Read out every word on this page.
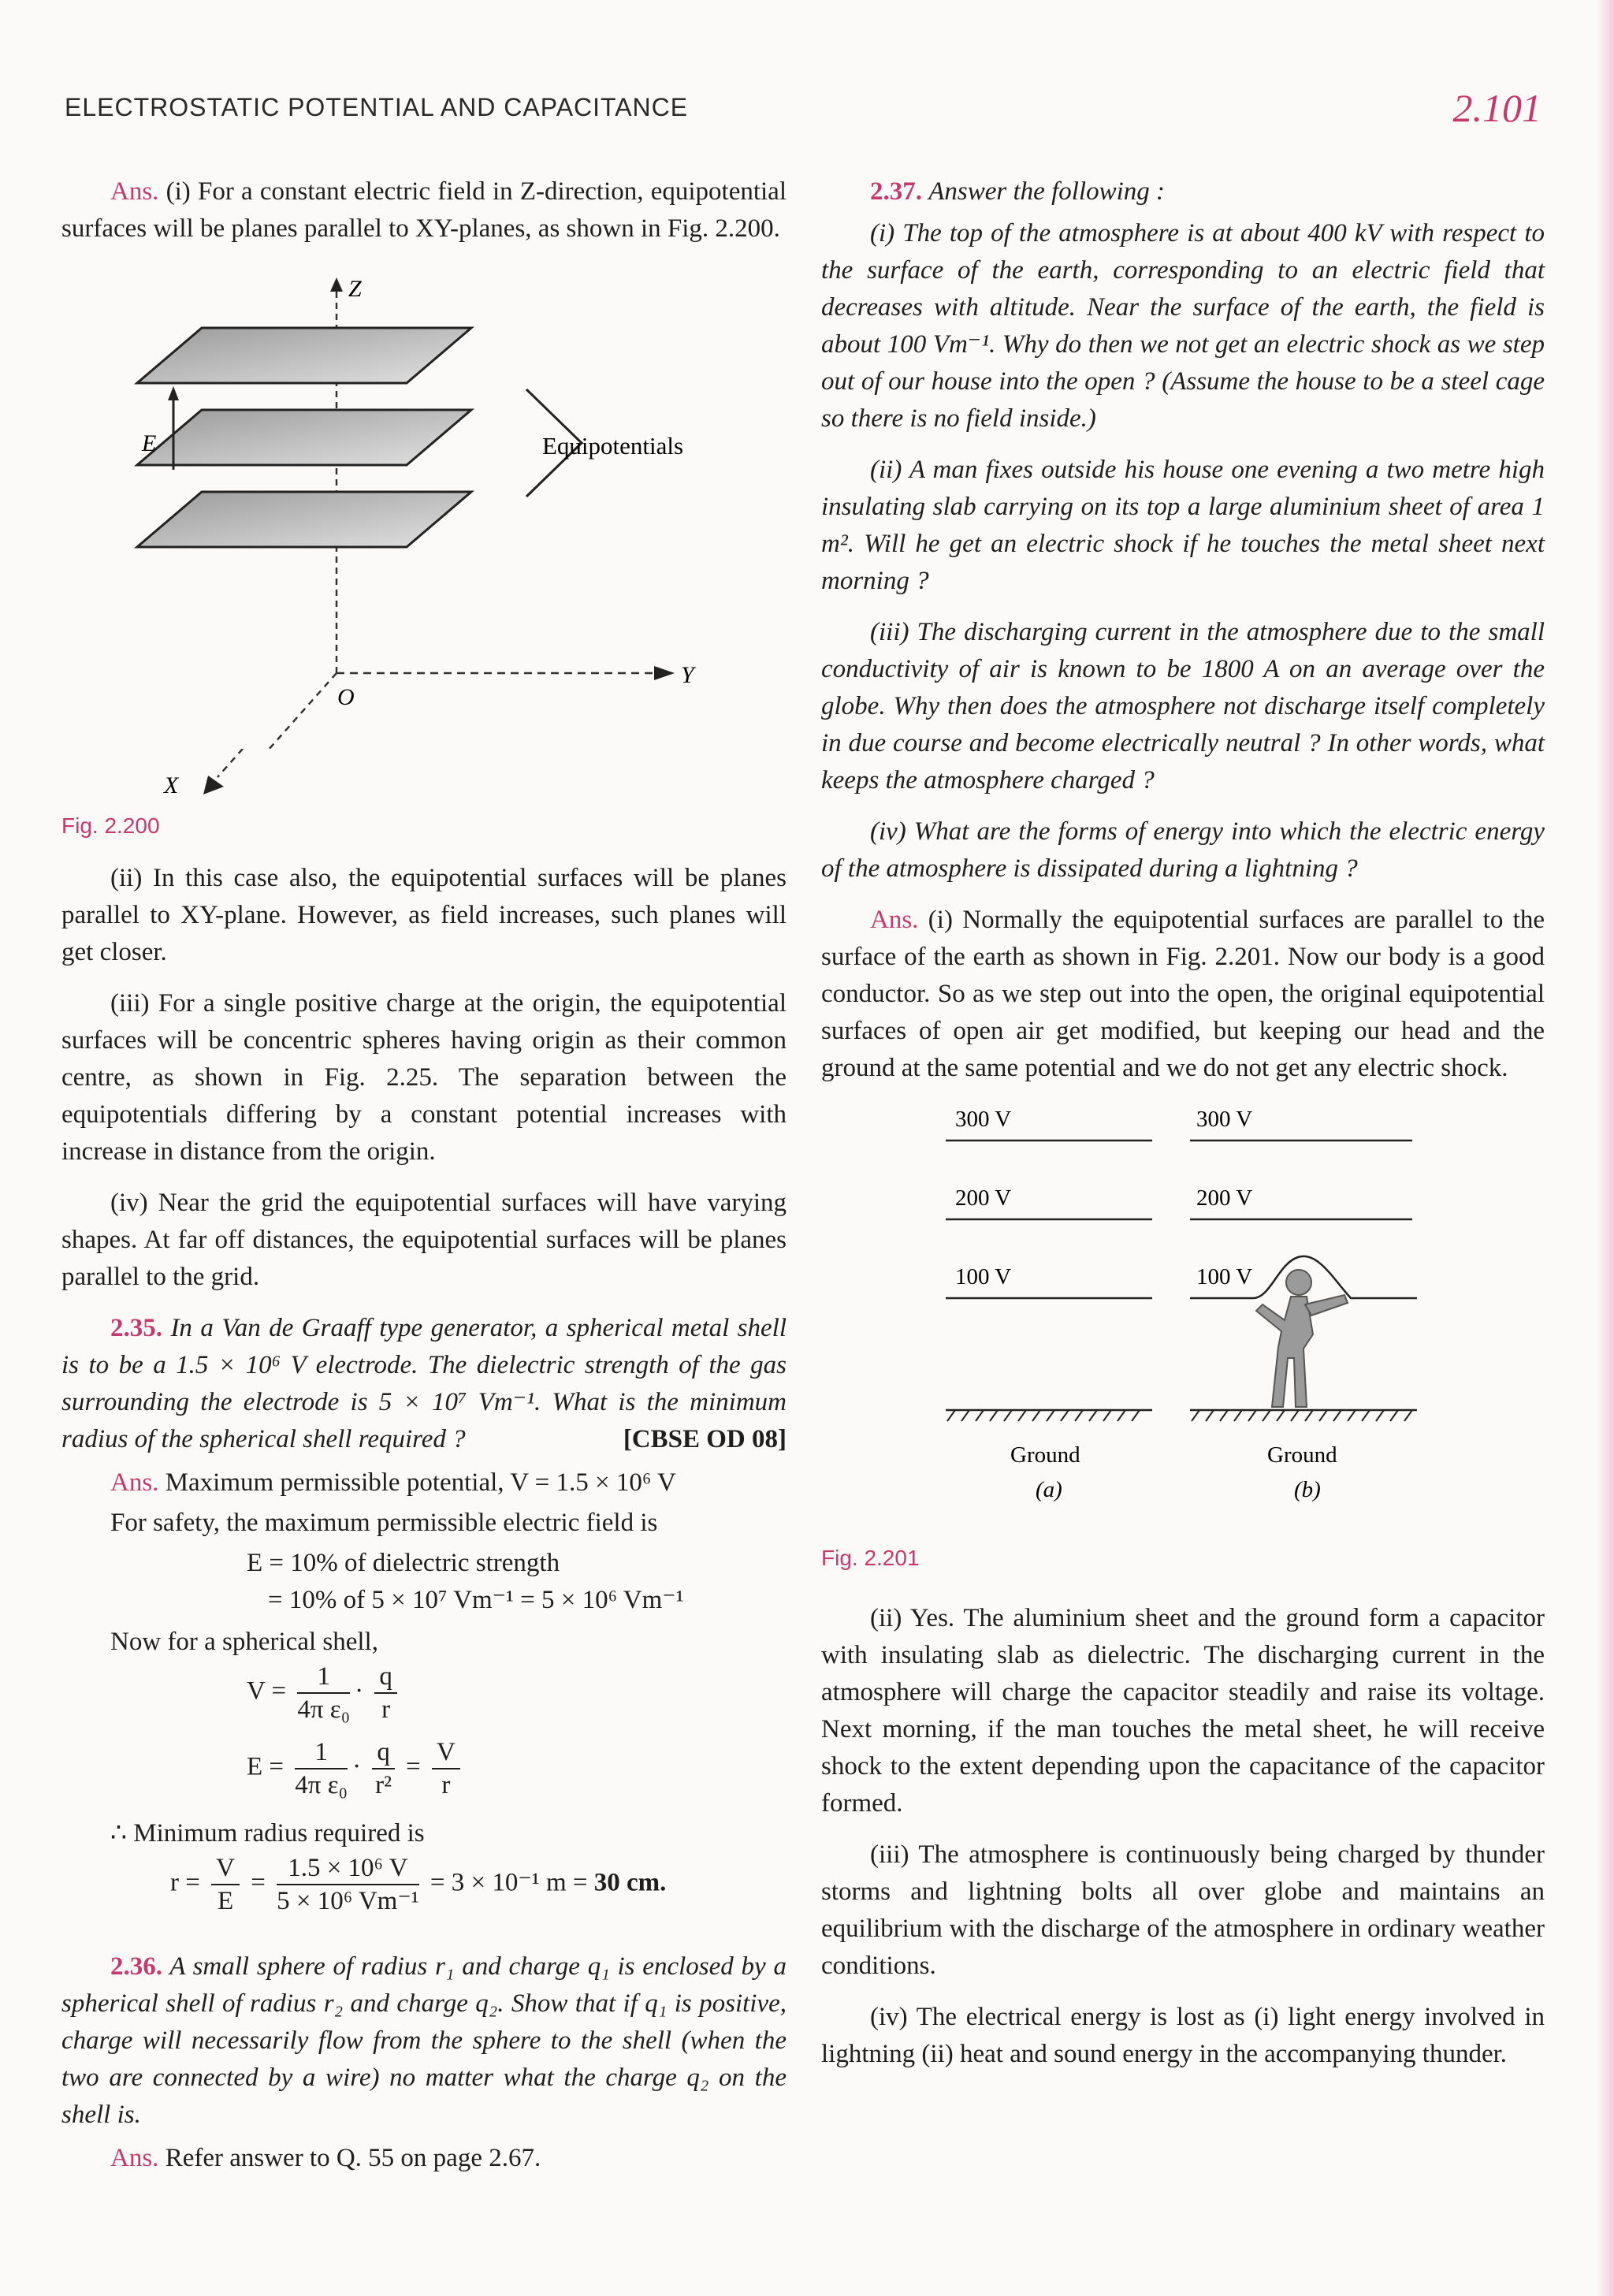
ELECTROSTATIC POTENTIAL AND CAPACITANCE	2.101

Ans. (i) For a constant electric field in Z-direction, equipotential surfaces will be planes parallel to XY-planes, as shown in Fig. 2.200.

Z
E	Equipotentials
Y
O
X
Fig. 2.200

(ii) In this case also, the equipotential surfaces will be planes parallel to XY-plane. However, as field increases, such planes will get closer.

(iii) For a single positive charge at the origin, the equipotential surfaces will be concentric spheres having origin as their common centre, as shown in Fig. 2.25. The separation between the equipotentials differing by a constant potential increases with increase in distance from the origin.

(iv) Near the grid the equipotential surfaces will have varying shapes. At far off distances, the equipotential surfaces will be planes parallel to the grid.

2.35. In a Van de Graaff type generator, a spherical metal shell is to be a 1.5 × 10⁶ V electrode. The dielectric strength of the gas surrounding the electrode is 5 × 10⁷ Vm⁻¹. What is the minimum radius of the spherical shell required ?	[CBSE OD 08]

Ans. Maximum permissible potential, V = 1.5 × 10⁶ V

For safety, the maximum permissible electric field is

E = 10% of dielectric strength

= 10% of 5 × 10⁷ Vm⁻¹ = 5 × 10⁶ Vm⁻¹

Now for a spherical shell,

$V = \frac{1}{\text{4π ε₀}} \cdot \frac{q}{r}$
$E = \frac{1}{\text{4π ε₀}} \cdot \frac{q}{\text{r²}} = \frac{V}{r}$

∴ Minimum radius required is

$r = \frac{V}{E} = \frac{\text{1.5 × 10⁶ V}}{\text{5 × 10⁶ Vm⁻¹}} = 3 \times 10^{-1}$ m = 30 cm.

2.36. A small sphere of radius r₁ and charge q₁ is enclosed by a spherical shell of radius r₂ and charge q₂. Show that if q₁ is positive, charge will necessarily flow from the sphere to the shell (when the two are connected by a wire) no matter what the charge q₂ on the shell is.

Ans. Refer answer to Q. 55 on page 2.67.

2.37. Answer the following :

(i) The top of the atmosphere is at about 400 kV with respect to the surface of the earth, corresponding to an electric field that decreases with altitude. Near the surface of the earth, the field is about 100 Vm⁻¹. Why do then we not get an electric shock as we step out of our house into the open ? (Assume the house to be a steel cage so there is no field inside.)

(ii) A man fixes outside his house one evening a two metre high insulating slab carrying on its top a large aluminium sheet of area 1 m². Will he get an electric shock if he touches the metal sheet next morning ?

(iii) The discharging current in the atmosphere due to the small conductivity of air is known to be 1800 A on an average over the globe. Why then does the atmosphere not discharge itself completely in due course and become electrically neutral ? In other words, what keeps the atmosphere charged ?

(iv) What are the forms of energy into which the electric energy of the atmosphere is dissipated during a lightning ?

Ans. (i) Normally the equipotential surfaces are parallel to the surface of the earth as shown in Fig. 2.201. Now our body is a good conductor. So as we step out into the open, the original equipotential surfaces of open air get modified, but keeping our head and the ground at the same potential and we do not get any electric shock.

300 V
200 V
100 V
Ground
(a)
300 V
200 V
100 V
Ground
(b)
Fig. 2.201

(ii) Yes. The aluminium sheet and the ground form a capacitor with insulating slab as dielectric. The discharging current in the atmosphere will charge the capacitor steadily and raise its voltage. Next morning, if the man touches the metal sheet, he will receive shock to the extent depending upon the capacitance of the capacitor formed.

(iii) The atmosphere is continuously being charged by thunder storms and lightning bolts all over globe and maintains an equilibrium with the discharge of the atmosphere in ordinary weather conditions.

(iv) The electrical energy is lost as (i) light energy involved in lightning (ii) heat and sound energy in the accompanying thunder.
